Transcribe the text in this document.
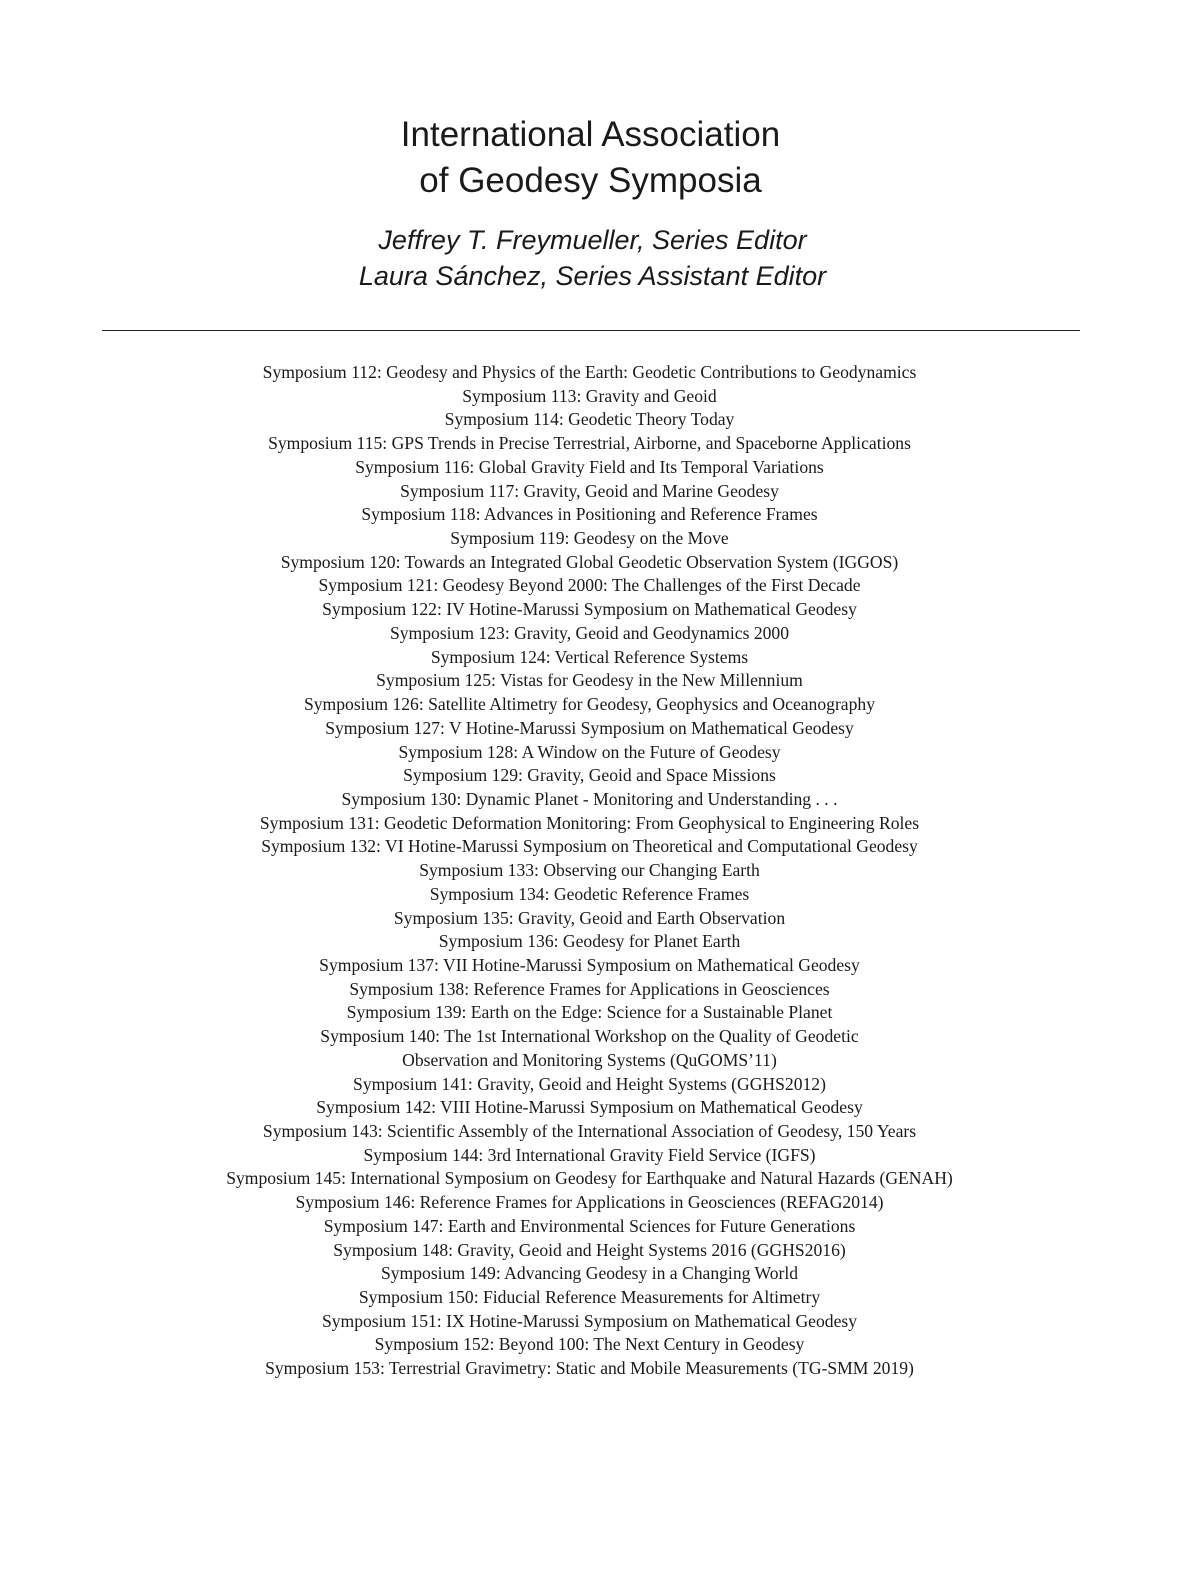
International Association
of Geodesy Symposia
Jeffrey T. Freymueller, Series Editor
Laura Sánchez, Series Assistant Editor
Symposium 112: Geodesy and Physics of the Earth: Geodetic Contributions to Geodynamics
Symposium 113: Gravity and Geoid
Symposium 114: Geodetic Theory Today
Symposium 115: GPS Trends in Precise Terrestrial, Airborne, and Spaceborne Applications
Symposium 116: Global Gravity Field and Its Temporal Variations
Symposium 117: Gravity, Geoid and Marine Geodesy
Symposium 118: Advances in Positioning and Reference Frames
Symposium 119: Geodesy on the Move
Symposium 120: Towards an Integrated Global Geodetic Observation System (IGGOS)
Symposium 121: Geodesy Beyond 2000: The Challenges of the First Decade
Symposium 122: IV Hotine-Marussi Symposium on Mathematical Geodesy
Symposium 123: Gravity, Geoid and Geodynamics 2000
Symposium 124: Vertical Reference Systems
Symposium 125: Vistas for Geodesy in the New Millennium
Symposium 126: Satellite Altimetry for Geodesy, Geophysics and Oceanography
Symposium 127: V Hotine-Marussi Symposium on Mathematical Geodesy
Symposium 128: A Window on the Future of Geodesy
Symposium 129: Gravity, Geoid and Space Missions
Symposium 130: Dynamic Planet - Monitoring and Understanding . . .
Symposium 131: Geodetic Deformation Monitoring: From Geophysical to Engineering Roles
Symposium 132: VI Hotine-Marussi Symposium on Theoretical and Computational Geodesy
Symposium 133: Observing our Changing Earth
Symposium 134: Geodetic Reference Frames
Symposium 135: Gravity, Geoid and Earth Observation
Symposium 136: Geodesy for Planet Earth
Symposium 137: VII Hotine-Marussi Symposium on Mathematical Geodesy
Symposium 138: Reference Frames for Applications in Geosciences
Symposium 139: Earth on the Edge: Science for a Sustainable Planet
Symposium 140: The 1st International Workshop on the Quality of Geodetic
Observation and Monitoring Systems (QuGOMS’11)
Symposium 141: Gravity, Geoid and Height Systems (GGHS2012)
Symposium 142: VIII Hotine-Marussi Symposium on Mathematical Geodesy
Symposium 143: Scientific Assembly of the International Association of Geodesy, 150 Years
Symposium 144: 3rd International Gravity Field Service (IGFS)
Symposium 145: International Symposium on Geodesy for Earthquake and Natural Hazards (GENAH)
Symposium 146: Reference Frames for Applications in Geosciences (REFAG2014)
Symposium 147: Earth and Environmental Sciences for Future Generations
Symposium 148: Gravity, Geoid and Height Systems 2016 (GGHS2016)
Symposium 149: Advancing Geodesy in a Changing World
Symposium 150: Fiducial Reference Measurements for Altimetry
Symposium 151: IX Hotine-Marussi Symposium on Mathematical Geodesy
Symposium 152: Beyond 100: The Next Century in Geodesy
Symposium 153: Terrestrial Gravimetry: Static and Mobile Measurements (TG-SMM 2019)
